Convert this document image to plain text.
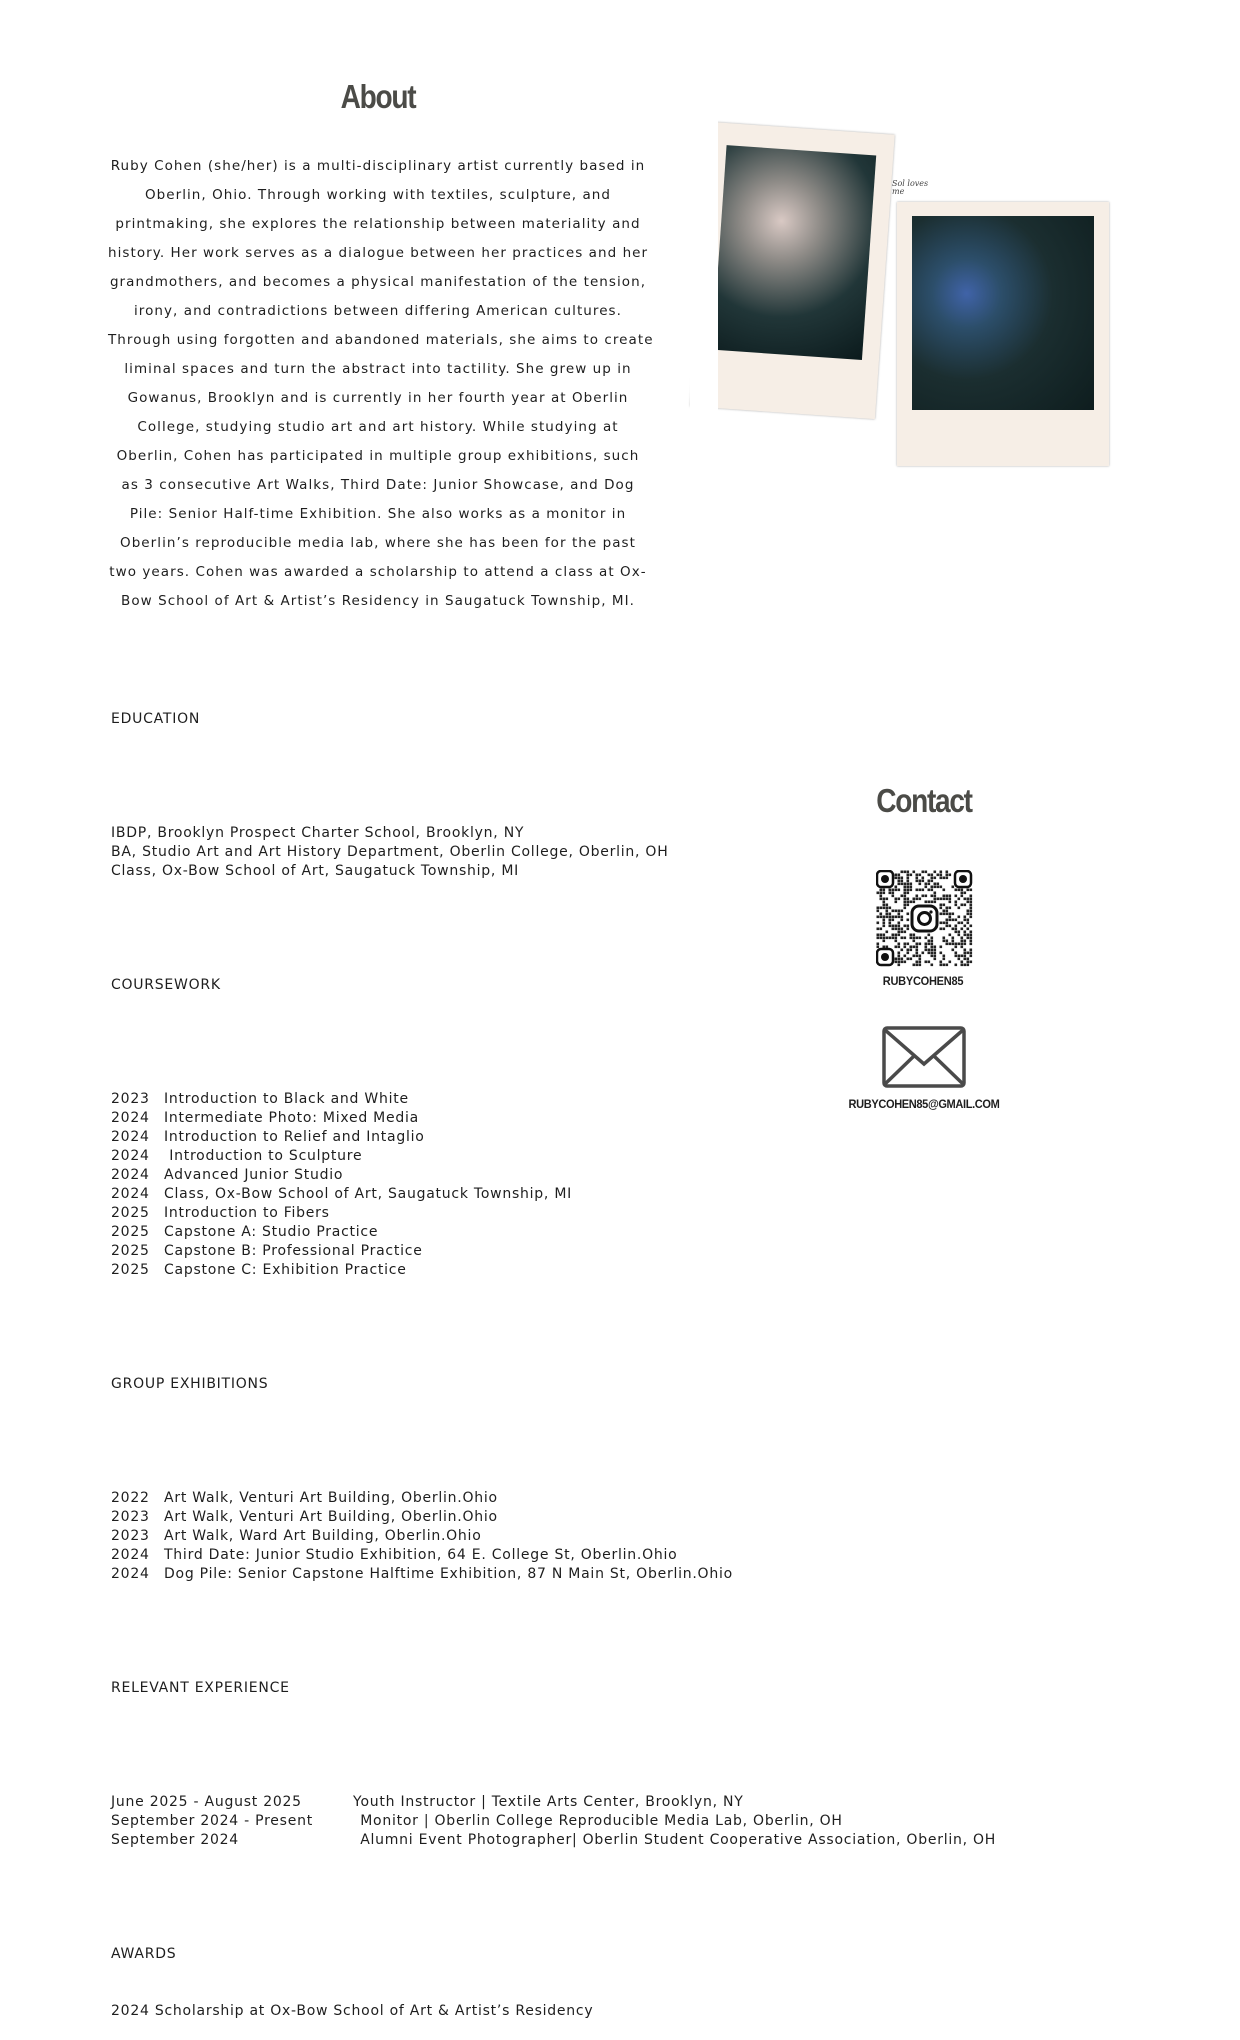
About
Ruby Cohen (she/her) is a multi-disciplinary artist currently based in
Oberlin, Ohio. Through working with textiles, sculpture, and
printmaking, she explores the relationship between materiality and
history. Her work serves as a dialogue between her practices and her
grandmothers, and becomes a physical manifestation of the tension,
irony, and contradictions between differing American cultures.
Through using forgotten and abandoned materials, she aims to create
liminal spaces and turn the abstract into tactility. She grew up in
Gowanus, Brooklyn and is currently in her fourth year at Oberlin
College, studying studio art and art history. While studying at
Oberlin, Cohen has participated in multiple group exhibitions, such
as 3 consecutive Art Walks, Third Date: Junior Showcase, and Dog
Pile: Senior Half-time Exhibition. She also works as a monitor in
Oberlin’s reproducible media lab, where she has been for the past
two years. Cohen was awarded a scholarship to attend a class at Ox-
Bow School of Art & Artist’s Residency in Saugatuck Township, MI.
Sol loves me

EDUCATION

IBDP, Brooklyn Prospect Charter School, Brooklyn, NY
BA, Studio Art and Art History Department, Oberlin College, Oberlin, OH
Class, Ox-Bow School of Art, Saugatuck Township, MI

COURSEWORK

2023 Introduction to Black and White
2024 Intermediate Photo: Mixed Media
2024 Introduction to Relief and Intaglio
2024 Introduction to Sculpture
2024 Advanced Junior Studio
2024 Class, Ox-Bow School of Art, Saugatuck Township, MI
2025 Introduction to Fibers
2025 Capstone A: Studio Practice
2025 Capstone B: Professional Practice
2025 Capstone C: Exhibition Practice

GROUP EXHIBITIONS

2022 Art Walk, Venturi Art Building, Oberlin.Ohio
2023 Art Walk, Venturi Art Building, Oberlin.Ohio
2023 Art Walk, Ward Art Building, Oberlin.Ohio
2024 Third Date: Junior Studio Exhibition, 64 E. College St, Oberlin.Ohio
2024 Dog Pile: Senior Capstone Halftime Exhibition, 87 N Main St, Oberlin.Ohio

RELEVANT EXPERIENCE

June 2025 - August 2025	Youth Instructor | Textile Arts Center, Brooklyn, NY
September 2024 - Present	Monitor | Oberlin College Reproducible Media Lab, Oberlin, OH
September 2024	Alumni Event Photographer| Oberlin Student Cooperative Association, Oberlin, OH

AWARDS

2024 Scholarship at Ox-Bow School of Art & Artist’s Residency

Contact
RUBYCOHEN85
RUBYCOHEN85@GMAIL.COM
